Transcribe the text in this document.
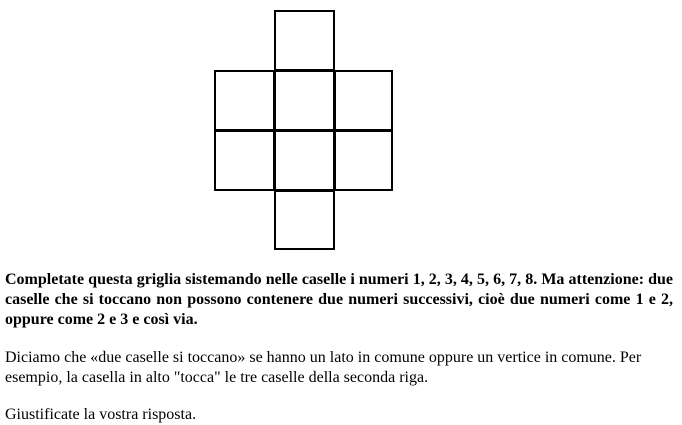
Completate questa griglia sistemando nelle caselle i numeri 1, 2, 3, 4, 5, 6, 7, 8. Ma attenzione: due caselle che si toccano non possono contenere due numeri successivi, cioè due numeri come 1 e 2, oppure come 2 e 3 e così via.

Diciamo che «due caselle si toccano» se hanno un lato in comune oppure un vertice in comune. Per esempio, la casella in alto "tocca" le tre caselle della seconda riga.

Giustificate la vostra risposta.
